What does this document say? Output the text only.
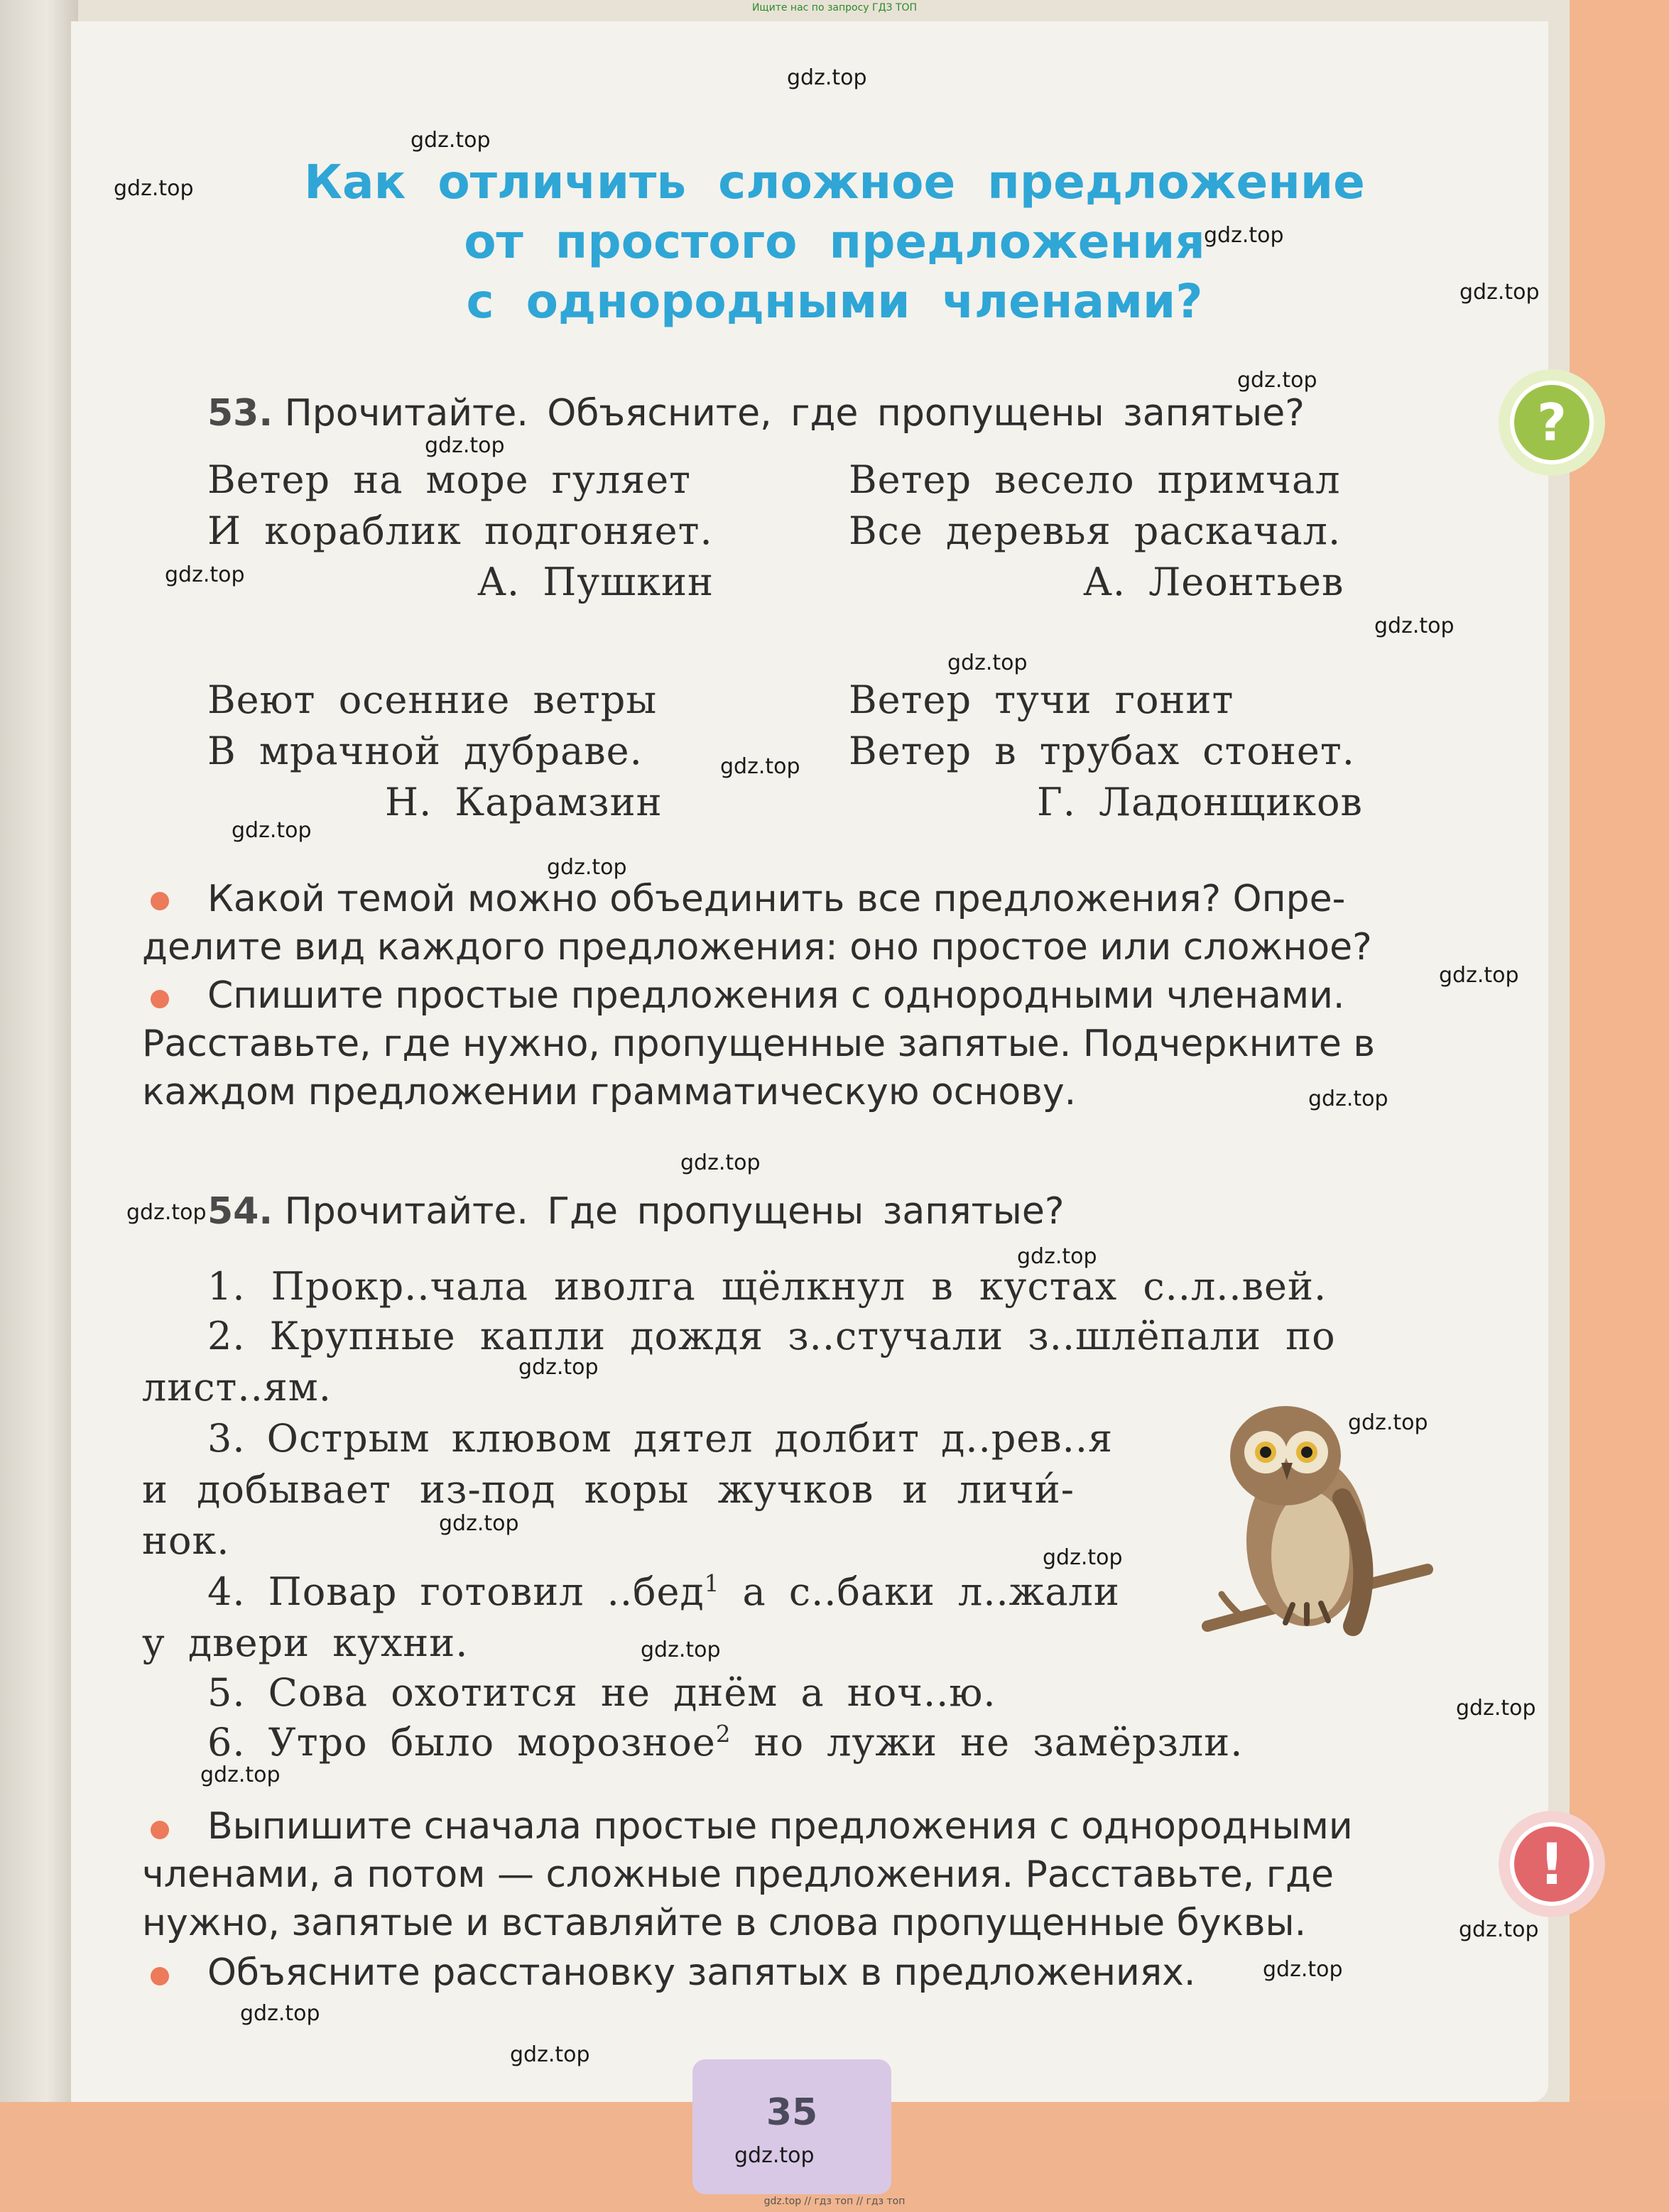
Ищите нас по запросу ГДЗ ТОП
?
!
Как отличить сложное предложение
от простого предложения
с однородными членами?
53. Прочитайте. Объясните, где пропущены запятые?
Ветер на море гуляет
И кораблик подгоняет.
А. Пушкин
Ветер весело примчал
Все деревья раскачал.
А. Леонтьев
Веют осенние ветры
В мрачной дубраве.
Н. Карамзин
Ветер тучи гонит
Ветер в трубах стонет.
Г. Ладонщиков
Какой темой можно объединить все предложения? Опре-
делите вид каждого предложения: оно простое или сложное?
Спишите простые предложения с однородными членами.
Расставьте, где нужно, пропущенные запятые. Подчеркните в
каждом предложении грамматическую основу.
54. Прочитайте. Где пропущены запятые?
1. Прокр..чала иволга щёлкнул в кустах с..л..вей.
2. Крупные капли дождя з..стучали з..шлёпали по
лист..ям.
3. Острым клювом дятел долбит д..рев..я
и добывает из-под коры жучков и личи́-
нок.
4. Повар готовил ..бед$^1$ а с..баки л..жали
у двери кухни.
5. Сова охотится не днём а ноч..ю.
6. Утро было морозное$^2$ но лужи не замёрзли.
Выпишите сначала простые предложения с однородными
членами, а потом — сложные предложения. Расставьте, где
нужно, запятые и вставляйте в слова пропущенные буквы.
Объясните расстановку запятых в предложениях.
35
gdz.top
gdz.top
gdz.top
gdz.top
gdz.top
gdz.top
gdz.top
gdz.top
gdz.top
gdz.top
gdz.top
gdz.top
gdz.top
gdz.top
gdz.top
gdz.top
gdz.top
gdz.top
gdz.top
gdz.top
gdz.top
gdz.top
gdz.top
gdz.top
gdz.top
gdz.top
gdz.top
gdz.top
gdz.top
gdz.top
gdz.top // гдз топ // гдз топ
